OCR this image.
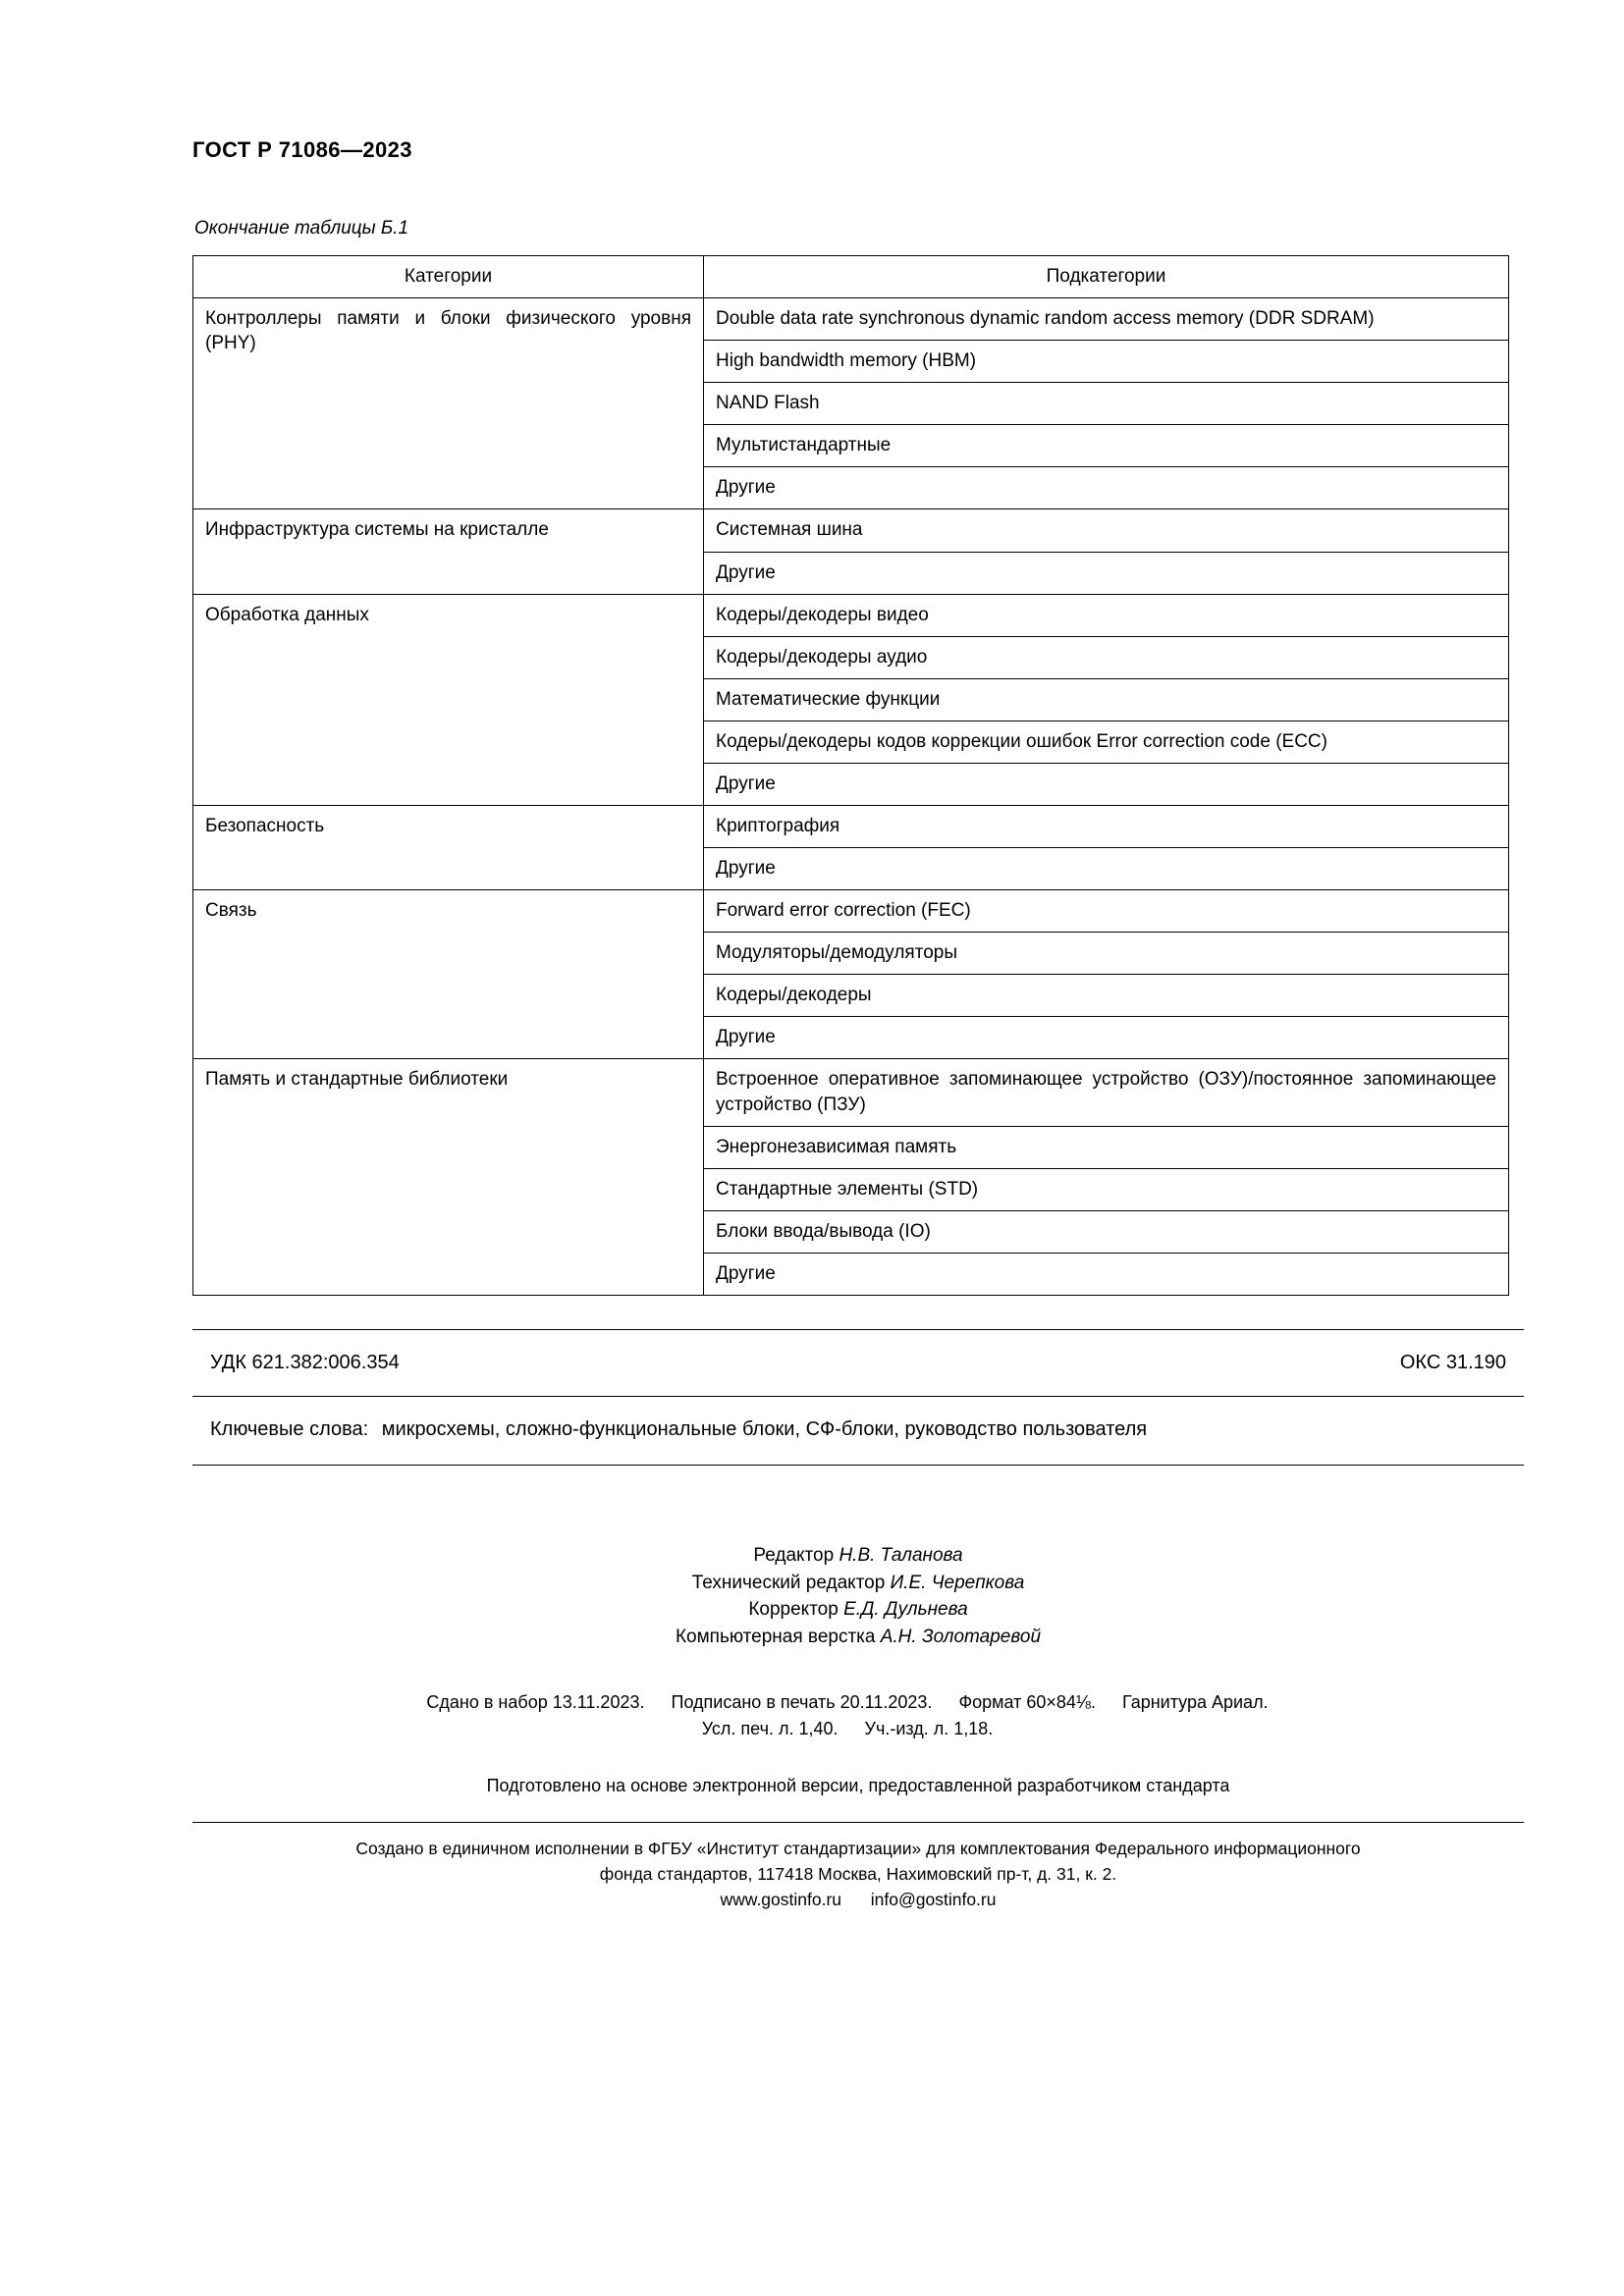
ГОСТ Р 71086—2023
Окончание таблицы Б.1
Категории	Подкатегории
Контроллеры памяти и блоки физического уровня (PHY)	Double data rate synchronous dynamic random access memory (DDR SDRAM)
	High bandwidth memory (HBM)
	NAND Flash
	Мультистандартные
	Другие
Инфраструктура системы на кристалле	Системная шина
	Другие
Обработка данных	Кодеры/декодеры видео
	Кодеры/декодеры аудио
	Математические функции
	Кодеры/декодеры кодов коррекции ошибок Error correction code (ECC)
	Другие
Безопасность	Криптография
	Другие
Связь	Forward error correction (FEC)
	Модуляторы/демодуляторы
	Кодеры/декодеры
	Другие
Память и стандартные библиотеки	Встроенное оперативное запоминающее устройство (ОЗУ)/постоянное запоминающее устройство (ПЗУ)
	Энергонезависимая память
	Стандартные элементы (STD)
	Блоки ввода/вывода (IO)
	Другие
УДК 621.382:006.354	ОКС 31.190
Ключевые слова: микросхемы, сложно-функциональные блоки, СФ-блоки, руководство пользователя
Редактор Н.В. Таланова
Технический редактор И.Е. Черепкова
Корректор Е.Д. Дульнева
Компьютерная верстка А.Н. Золотаревой
Сдано в набор 13.11.2023. Подписано в печать 20.11.2023. Формат 60×84⅛. Гарнитура Ариал.
Усл. печ. л. 1,40. Уч.-изд. л. 1,18.
Подготовлено на основе электронной версии, предоставленной разработчиком стандарта
Создано в единичном исполнении в ФГБУ «Институт стандартизации» для комплектования Федерального информационного
фонда стандартов, 117418 Москва, Нахимовский пр-т, д. 31, к. 2.
www.gostinfo.ru info@gostinfo.ru
